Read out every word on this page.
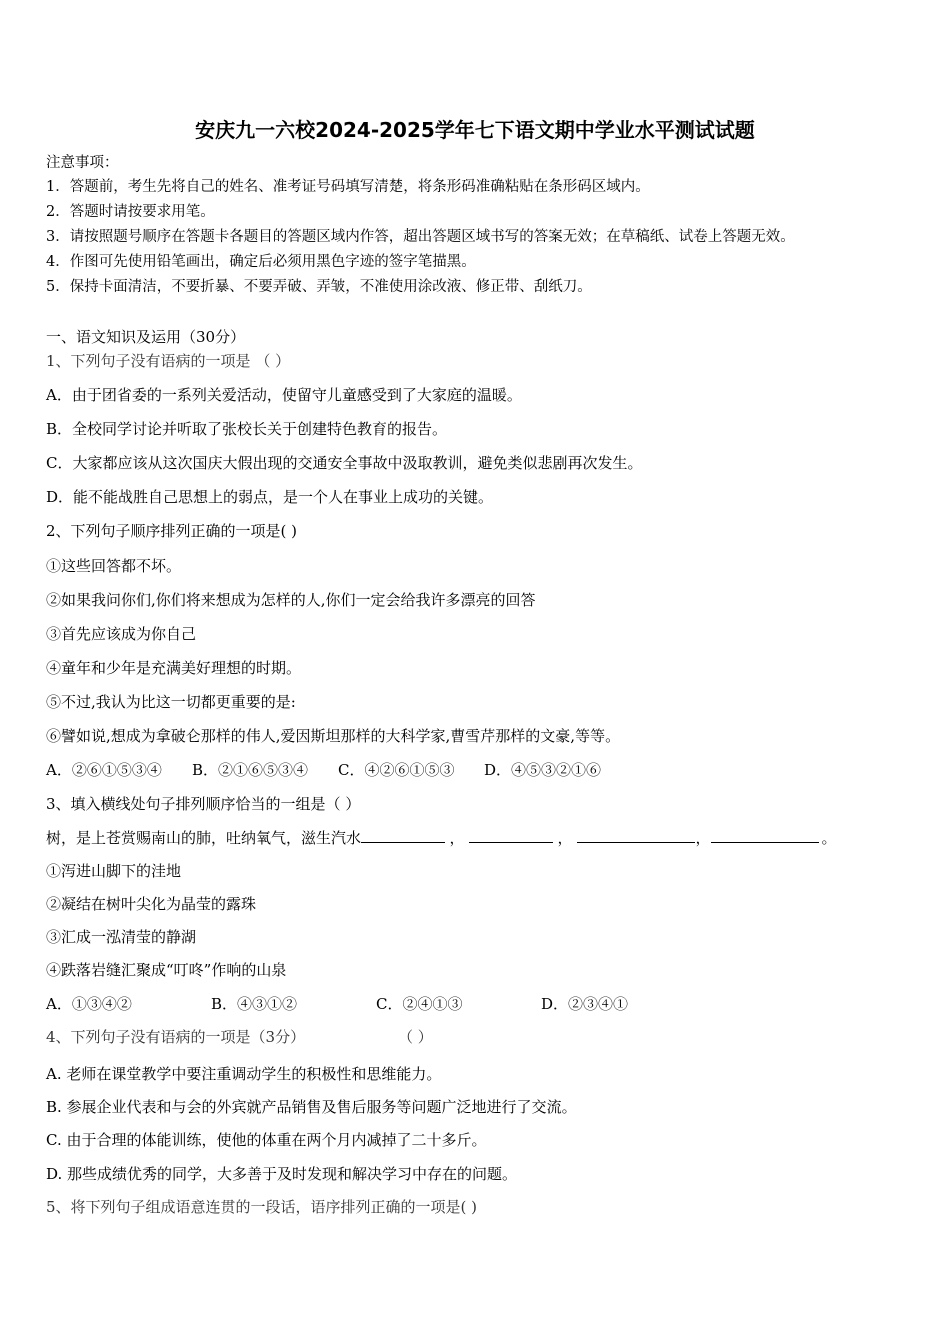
安庆九一六校2024-2025学年七下语文期中学业水平测试试题
注意事项：
1．答题前，考生先将自己的姓名、准考证号码填写清楚，将条形码准确粘贴在条形码区域内。
2．答题时请按要求用笔。
3．请按照题号顺序在答题卡各题目的答题区域内作答，超出答题区域书写的答案无效；在草稿纸、试卷上答题无效。
4．作图可先使用铅笔画出，确定后必须用黑色字迹的签字笔描黑。
5．保持卡面清洁，不要折暴、不要弄破、弄皱，不准使用涂改液、修正带、刮纸刀。
一、语文知识及运用（30分）
1、下列句子没有语病的一项是 （ ）
A．由于团省委的一系列关爱活动，使留守儿童感受到了大家庭的温暖。
B．全校同学讨论并听取了张校长关于创建特色教育的报告。
C．大家都应该从这次国庆大假出现的交通安全事故中汲取教训，避免类似悲剧再次发生。
D．能不能战胜自己思想上的弱点，是一个人在事业上成功的关键。
2、下列句子顺序排列正确的一项是( )
①这些回答都不坏。
②如果我问你们,你们将来想成为怎样的人,你们一定会给我许多漂亮的回答
③首先应该成为你自己
④童年和少年是充满美好理想的时期。
⑤不过,我认为比这一切都更重要的是:
⑥譬如说,想成为拿破仑那样的伟人,爱因斯坦那样的大科学家,曹雪芹那样的文豪,等等。
A．②⑥①⑤③④ B．②①⑥⑤③④ C．④②⑥①⑤③ D．④⑤③②①⑥
3、填入横线处句子排列顺序恰当的一组是（ ）
树，是上苍赏赐南山的肺，吐纳氧气，滋生汽水	，	，	，	。
①泻进山脚下的洼地
②凝结在树叶尖化为晶莹的露珠
③汇成一泓清莹的静湖
④跌落岩缝汇聚成“叮咚”作响的山泉
A．①③④②	B．④③①②	C．②④①③	D．②③④①
4、下列句子没有语病的一项是（3分）	（ ）
A. 老师在课堂教学中要注重调动学生的积极性和思维能力。
B. 参展企业代表和与会的外宾就产品销售及售后服务等问题广泛地进行了交流。
C. 由于合理的体能训练，使他的体重在两个月内减掉了二十多斤。
D. 那些成绩优秀的同学，大多善于及时发现和解决学习中存在的问题。
5、将下列句子组成语意连贯的一段话，语序排列正确的一项是( )
